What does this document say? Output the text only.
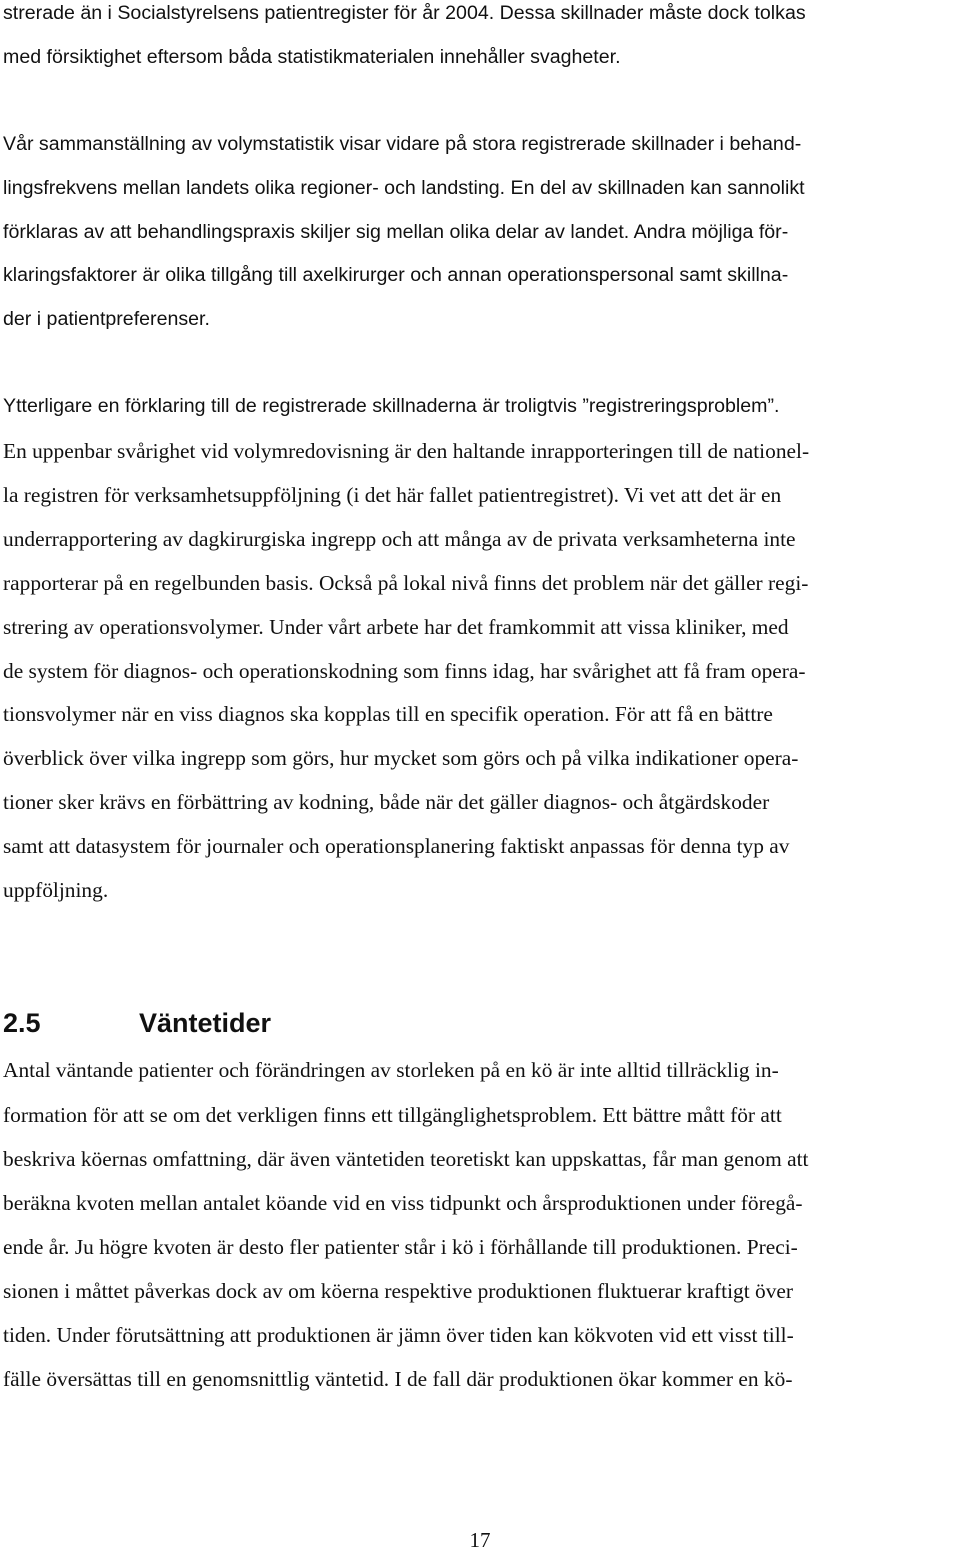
strerade än i Socialstyrelsens patientregister för år 2004. Dessa skillnader måste dock tolkas
med försiktighet eftersom båda statistikmaterialen innehåller svagheter.
Vår sammanställning av volymstatistik visar vidare på stora registrerade skillnader i behand-
lingsfrekvens mellan landets olika regioner- och landsting. En del av skillnaden kan sannolikt
förklaras av att behandlingspraxis skiljer sig mellan olika delar av landet. Andra möjliga för-
klaringsfaktorer är olika tillgång till axelkirurger och annan operationspersonal samt skillna-
der i patientpreferenser.
Ytterligare en förklaring till de registrerade skillnaderna är troligtvis ”registreringsproblem”.
En uppenbar svårighet vid volymredovisning är den haltande inrapporteringen till de nationel-
la registren för verksamhetsuppföljning (i det här fallet patientregistret). Vi vet att det är en
underrapportering av dagkirurgiska ingrepp och att många av de privata verksamheterna inte
rapporterar på en regelbunden basis. Också på lokal nivå finns det problem när det gäller regi-
strering av operationsvolymer. Under vårt arbete har det framkommit att vissa kliniker, med
de system för diagnos- och operationskodning som finns idag, har svårighet att få fram opera-
tionsvolymer när en viss diagnos ska kopplas till en specifik operation. För att få en bättre
överblick över vilka ingrepp som görs, hur mycket som görs och på vilka indikationer opera-
tioner sker krävs en förbättring av kodning, både när det gäller diagnos- och åtgärdskoder
samt att datasystem för journaler och operationsplanering faktiskt anpassas för denna typ av
uppföljning.
2.5	Väntetider
Antal väntande patienter och förändringen av storleken på en kö är inte alltid tillräcklig in-
formation för att se om det verkligen finns ett tillgänglighetsproblem. Ett bättre mått för att
beskriva köernas omfattning, där även väntetiden teoretiskt kan uppskattas, får man genom att
beräkna kvoten mellan antalet köande vid en viss tidpunkt och årsproduktionen under föregå-
ende år. Ju högre kvoten är desto fler patienter står i kö i förhållande till produktionen. Preci-
sionen i måttet påverkas dock av om köerna respektive produktionen fluktuerar kraftigt över
tiden. Under förutsättning att produktionen är jämn över tiden kan kökvoten vid ett visst till-
fälle översättas till en genomsnittlig väntetid. I de fall där produktionen ökar kommer en kö-
17
